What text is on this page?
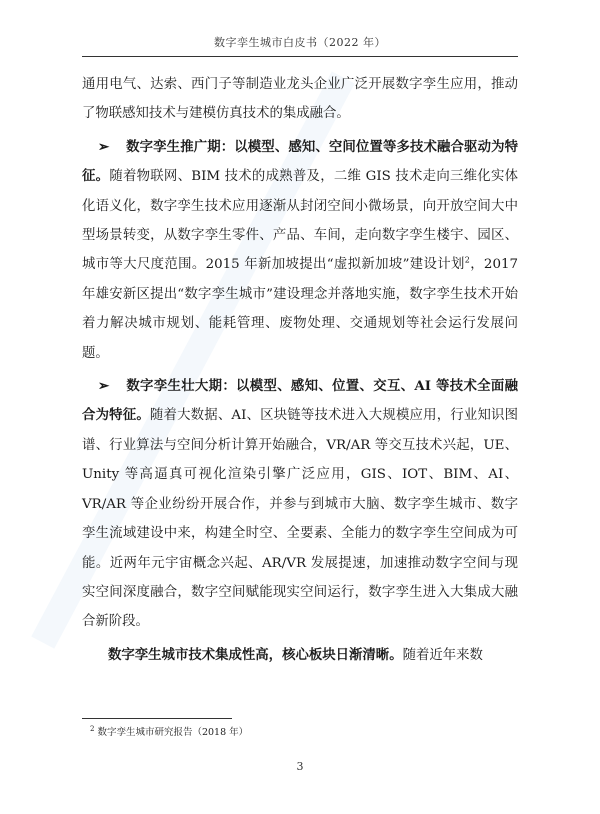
数字孪生城市白皮书（2022 年）

通用电气、达索、西门子等制造业龙头企业广泛开展数字孪生应用，推动了物联感知技术与建模仿真技术的集成融合。

➢ 数字孪生推广期：以模型、感知、空间位置等多技术融合驱动为特征。随着物联网、BIM 技术的成熟普及，二维 GIS 技术走向三维化实体化语义化，数字孪生技术应用逐渐从封闭空间小微场景，向开放空间大中型场景转变，从数字孪生零件、产品、车间，走向数字孪生楼宇、园区、城市等大尺度范围。2015 年新加坡提出“虚拟新加坡”建设计划$^2$，2017 年雄安新区提出“数字孪生城市”建设理念并落地实施，数字孪生技术开始着力解决城市规划、能耗管理、废物处理、交通规划等社会运行发展问题。

➢ 数字孪生壮大期：以模型、感知、位置、交互、AI 等技术全面融合为特征。随着大数据、AI、区块链等技术进入大规模应用，行业知识图谱、行业算法与空间分析计算开始融合，VR/AR 等交互技术兴起，UE、Unity 等高逼真可视化渲染引擎广泛应用，GIS、IOT、BIM、AI、VR/AR 等企业纷纷开展合作，并参与到城市大脑、数字孪生城市、数字孪生流域建设中来，构建全时空、全要素、全能力的数字孪生空间成为可能。近两年元宇宙概念兴起、AR/VR 发展提速，加速推动数字空间与现实空间深度融合，数字空间赋能现实空间运行，数字孪生进入大集成大融合新阶段。

数字孪生城市技术集成性高，核心板块日渐清晰。随着近年来数

$^2$ 数字孪生城市研究报告（2018 年）
3
